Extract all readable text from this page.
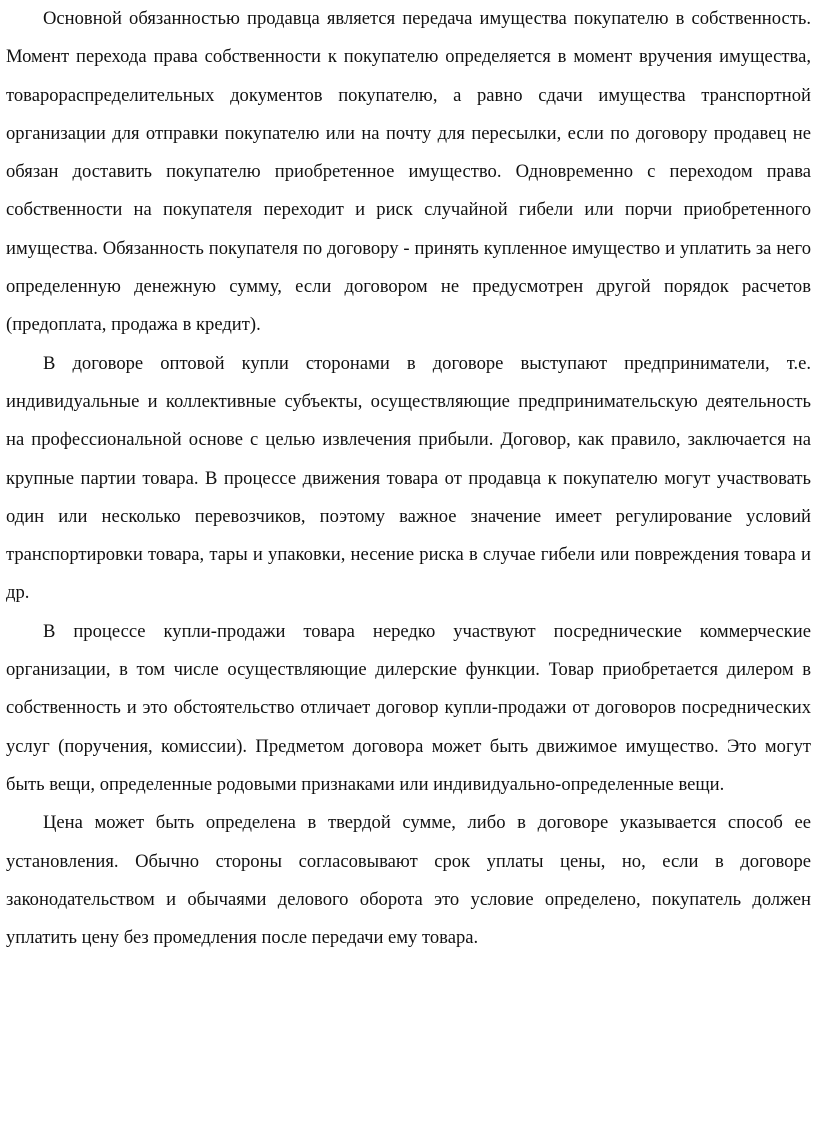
Основной обязанностью продавца является передача имущества покупателю в собственность. Момент перехода права собственности к покупателю определяется в момент вручения имущества, товарораспределительных документов покупателю, а равно сдачи имущества транспортной организации для отправки покупателю или на почту для пересылки, если по договору продавец не обязан доставить покупателю приобретенное имущество. Одновременно с переходом права собственности на покупателя переходит и риск случайной гибели или порчи приобретенного имущества. Обязанность покупателя по договору - принять купленное имущество и уплатить за него определенную денежную сумму, если договором не предусмотрен другой порядок расчетов (предоплата, продажа в кредит).

В договоре оптовой купли сторонами в договоре выступают предприниматели, т.е. индивидуальные и коллективные субъекты, осуществляющие предпринимательскую деятельность на профессиональной основе с целью извлечения прибыли. Договор, как правило, заключается на крупные партии товара. В процессе движения товара от продавца к покупателю могут участвовать один или несколько перевозчиков, поэтому важное значение имеет регулирование условий транспортировки товара, тары и упаковки, несение риска в случае гибели или повреждения товара и др.

В процессе купли-продажи товара нередко участвуют посреднические коммерческие организации, в том числе осуществляющие дилерские функции. Товар приобретается дилером в собственность и это обстоятельство отличает договор купли-продажи от договоров посреднических услуг (поручения, комиссии). Предметом договора может быть движимое имущество. Это могут быть вещи, определенные родовыми признаками или индивидуально-определенные вещи.

Цена может быть определена в твердой сумме, либо в договоре указывается способ ее установления. Обычно стороны согласовывают срок уплаты цены, но, если в договоре законодательством и обычаями делового оборота это условие определено, покупатель должен уплатить цену без промедления после передачи ему товара.
